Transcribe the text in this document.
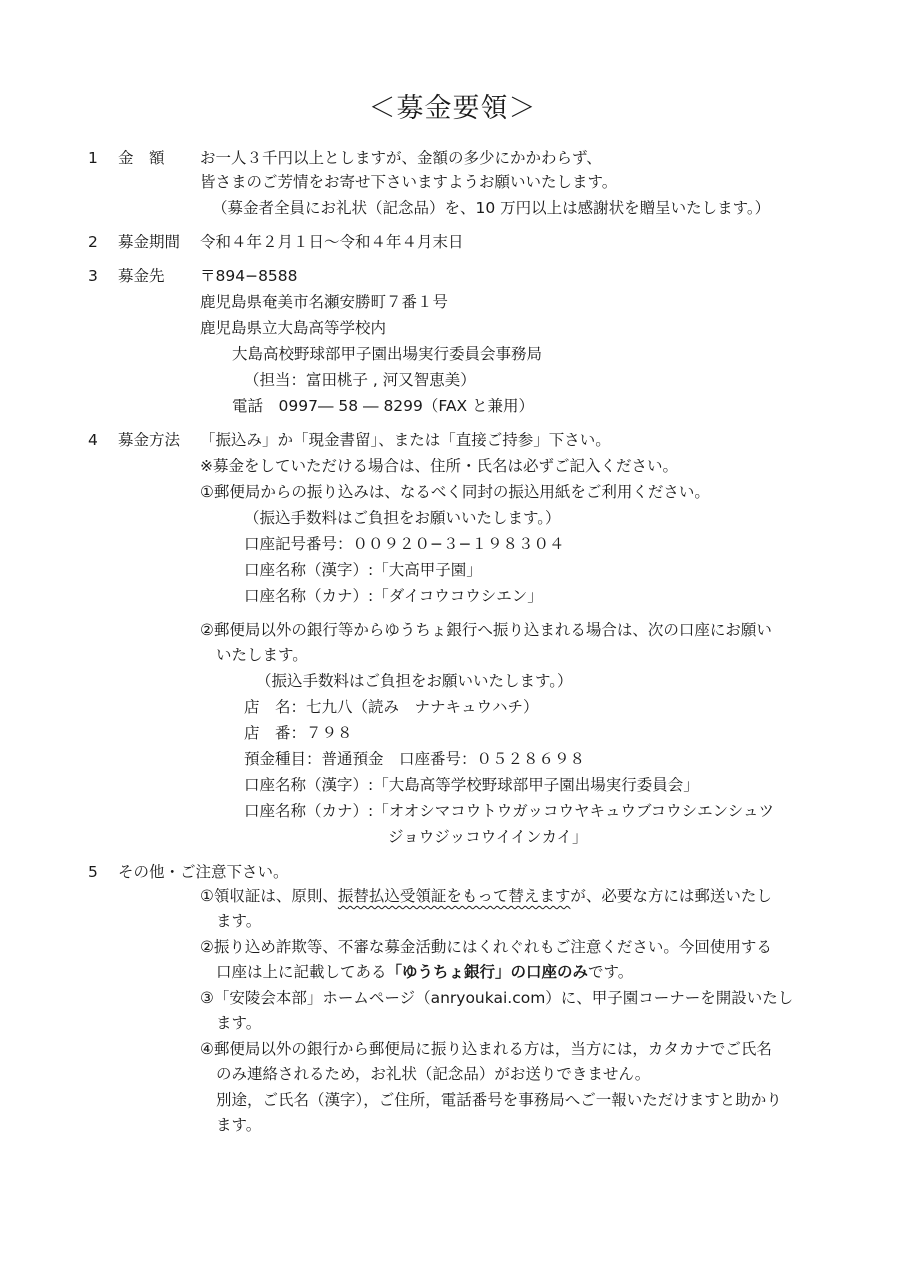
＜募金要領＞
1 金　額 お一人３千円以上としますが、金額の多少にかかわらず、
皆さまのご芳情をお寄せ下さいますようお願いいたします。
（募金者全員にお礼状（記念品）を、10 万円以上は感謝状を贈呈いたします。）
2 募金期間 令和４年２月１日〜令和４年４月末日
3 募金先 〒894−8588
鹿児島県奄美市名瀬安勝町７番１号
鹿児島県立大島高等学校内
大島高校野球部甲子園出場実行委員会事務局
（担当：富田桃子 , 河又智恵美）
電話　0997― 58 ― 8299（FAX と兼用）
4 募金方法 「振込み」か「現金書留」、または「直接ご持参」下さい。
※募金をしていただける場合は、住所・氏名は必ずご記入ください。
①郵便局からの振り込みは、なるべく同封の振込用紙をご利用ください。
（振込手数料はご負担をお願いいたします。）
口座記号番号：００９２０−３−１９８３０４
口座名称（漢字）:「大高甲子園」
口座名称（カナ）:「ダイコウコウシエン」
②郵便局以外の銀行等からゆうちょ銀行へ振り込まれる場合は、次の口座にお願い
いたします。
（振込手数料はご負担をお願いいたします。）
店　名：七九八（読み　ナナキュウハチ）
店　番：７９８
預金種目：普通預金　口座番号：０５２８６９８
口座名称（漢字）:「大島高等学校野球部甲子園出場実行委員会」
口座名称（カナ）:「オオシマコウトウガッコウヤキュウブコウシエンシュツ
ジョウジッコウイインカイ」
5 その他・ご注意下さい。
①領収証は、原則、振替払込受領証をもって替えますが、必要な方には郵送いたし
ます。
②振り込め詐欺等、不審な募金活動にはくれぐれもご注意ください。今回使用する
口座は上に記載してある「ゆうちょ銀行」の口座のみです。
③「安陵会本部」ホームページ（anryoukai.com）に、甲子園コーナーを開設いたし
ます。
④郵便局以外の銀行から郵便局に振り込まれる方は，当方には，カタカナでご氏名
のみ連絡されるため，お礼状（記念品）がお送りできません。
別途，ご氏名（漢字），ご住所，電話番号を事務局へご一報いただけますと助かり
ます。
